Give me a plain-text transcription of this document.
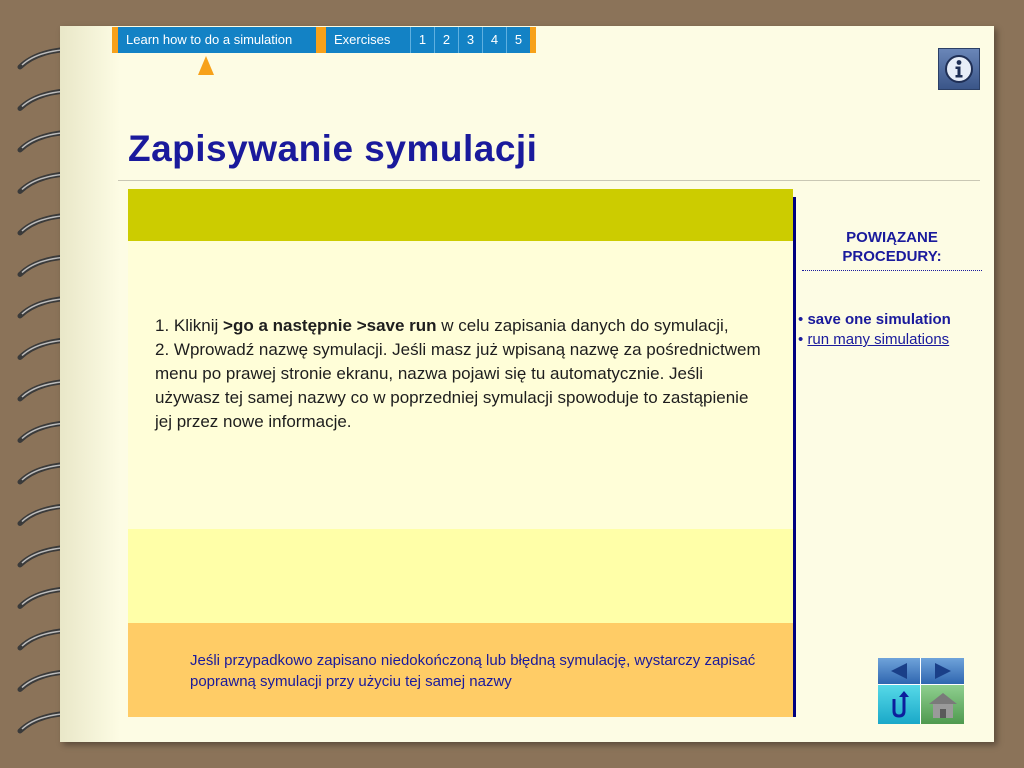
Learn how to do a simulation	Exercises	1	2	3	4	5
Zapisywanie symulacji

1. Kliknij >go a następnie >save run w celu zapisania danych do symulacji,

2. Wprowadź nazwę symulacji. Jeśli masz już wpisaną nazwę za pośrednictwem menu po prawej stronie ekranu, nazwa pojawi się tu automatycznie. Jeśli używasz tej samej nazwy co w poprzedniej symulacji spowoduje to zastąpienie jej przez nowe informacje.

Jeśli przypadkowo zapisano niedokończoną lub błędną symulację, wystarczy zapisać poprawną symulacji przy użyciu tej samej nazwy
POWIĄZANE
PROCEDURY:
• save one simulation
• run many simulations
